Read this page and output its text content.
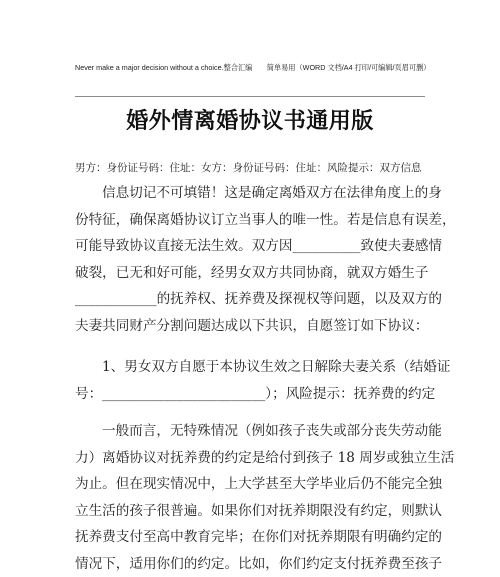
Never make a major decision without a choice.整合汇编　　简单易用（WORD 文档/A4 打印/可编辑/页眉可删）
婚外情离婚协议书通用版
男方：身份证号码：住址：女方：身份证号码：住址：风险提示：双方信息
信息切记不可填错！这是确定离婚双方在法律角度上的身
份特征，确保离婚协议订立当事人的唯一性。若是信息有误差，
可能导致协议直接无法生效。双方因__________致使夫妻感情
破裂，已无和好可能，经男女双方共同协商，就双方婚生子
____________的抚养权、抚养费及探视权等问题，以及双方的
夫妻共同财产分割问题达成以下共识，自愿签订如下协议：
1、男女双方自愿于本协议生效之日解除夫妻关系（结婚证
号：________________________）；风险提示：抚养费的约定
一般而言，无特殊情况（例如孩子丧失或部分丧失劳动能
力）离婚协议对抚养费的约定是给付到孩子 18 周岁或独立生活
为止。但在现实情况中，上大学甚至大学毕业后仍不能完全独
立生活的孩子很普遍。如果你们对抚养期限没有约定，则默认
抚养费支付至高中教育完毕；在你们对抚养期限有明确约定的
情况下，适用你们的约定。比如，你们约定支付抚养费至孩子
